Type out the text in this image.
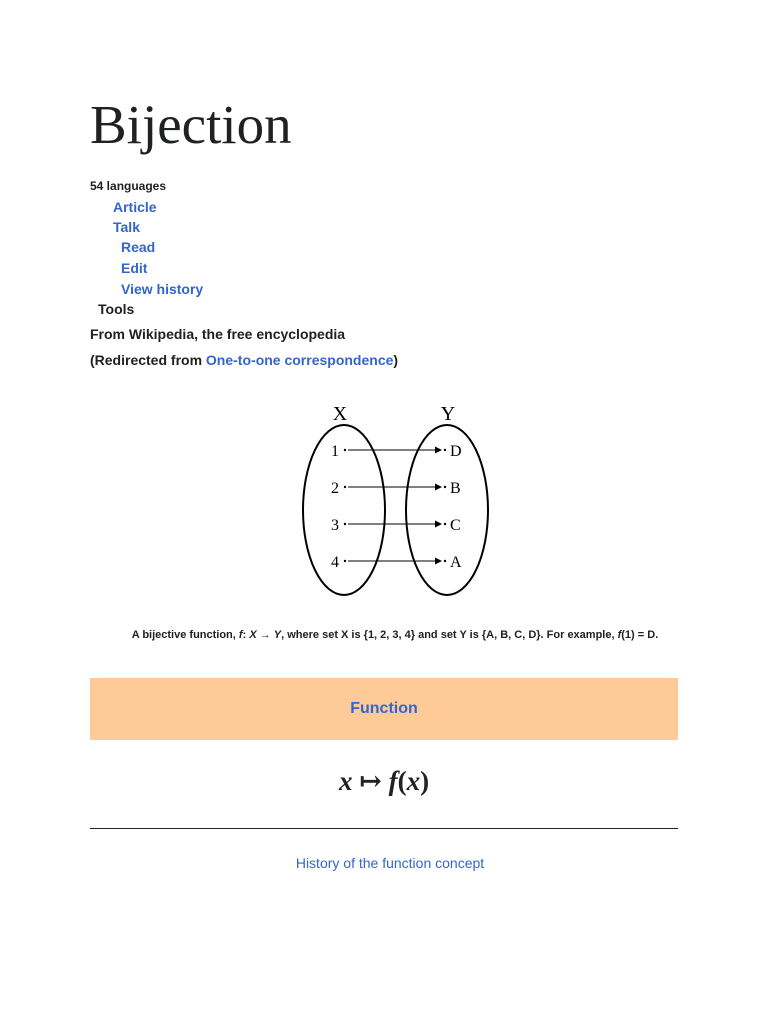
Bijection
54 languages
Article
Talk
Read
Edit
View history
Tools
From Wikipedia, the free encyclopedia
(Redirected from One-to-one correspondence)
X	Y
1
2
3
4
D
B
C
A
A bijective function, f: X → Y, where set X is {1, 2, 3, 4} and set Y is {A, B, C, D}. For example, f(1) = D.
Function
x ↦ f(x)
History of the function concept
